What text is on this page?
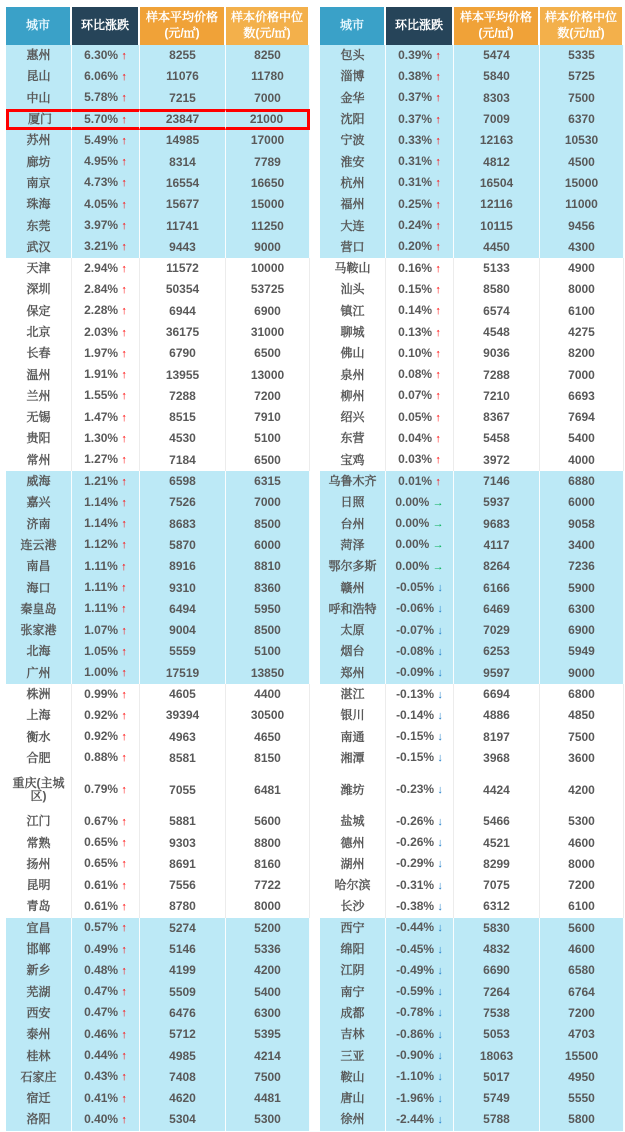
城市	环比涨跌	样本平均价格(元/㎡)	样本价格中位数(元/㎡)		城市	环比涨跌	样本平均价格(元/㎡)	样本价格中位数(元/㎡)
惠州	6.30% ↑	8255	8250		包头	0.39% ↑	5474	5335
昆山	6.06% ↑	11076	11780		淄博	0.38% ↑	5840	5725
中山	5.78% ↑	7215	7000		金华	0.37% ↑	8303	7500
厦门	5.70% ↑	23847	21000		沈阳	0.37% ↑	7009	6370
苏州	5.49% ↑	14985	17000		宁波	0.33% ↑	12163	10530
廊坊	4.95% ↑	8314	7789		淮安	0.31% ↑	4812	4500
南京	4.73% ↑	16554	16650		杭州	0.31% ↑	16504	15000
珠海	4.05% ↑	15677	15000		福州	0.25% ↑	12116	11000
东莞	3.97% ↑	11741	11250		大连	0.24% ↑	10115	9456
武汉	3.21% ↑	9443	9000		营口	0.20% ↑	4450	4300
天津	2.94% ↑	11572	10000		马鞍山	0.16% ↑	5133	4900
深圳	2.84% ↑	50354	53725		汕头	0.15% ↑	8580	8000
保定	2.28% ↑	6944	6900		镇江	0.14% ↑	6574	6100
北京	2.03% ↑	36175	31000		聊城	0.13% ↑	4548	4275
长春	1.97% ↑	6790	6500		佛山	0.10% ↑	9036	8200
温州	1.91% ↑	13955	13000		泉州	0.08% ↑	7288	7000
兰州	1.55% ↑	7288	7200		柳州	0.07% ↑	7210	6693
无锡	1.47% ↑	8515	7910		绍兴	0.05% ↑	8367	7694
贵阳	1.30% ↑	4530	5100		东营	0.04% ↑	5458	5400
常州	1.27% ↑	7184	6500		宝鸡	0.03% ↑	3972	4000
威海	1.21% ↑	6598	6315		乌鲁木齐	0.01% ↑	7146	6880
嘉兴	1.14% ↑	7526	7000		日照	0.00% →	5937	6000
济南	1.14% ↑	8683	8500		台州	0.00% →	9683	9058
连云港	1.12% ↑	5870	6000		菏泽	0.00% →	4117	3400
南昌	1.11% ↑	8916	8810		鄂尔多斯	0.00% →	8264	7236
海口	1.11% ↑	9310	8360		赣州	-0.05% ↓	6166	5900
秦皇岛	1.11% ↑	6494	5950		呼和浩特	-0.06% ↓	6469	6300
张家港	1.07% ↑	9004	8500		太原	-0.07% ↓	7029	6900
北海	1.05% ↑	5559	5100		烟台	-0.08% ↓	6253	5949
广州	1.00% ↑	17519	13850		郑州	-0.09% ↓	9597	9000
株洲	0.99% ↑	4605	4400		湛江	-0.13% ↓	6694	6800
上海	0.92% ↑	39394	30500		银川	-0.14% ↓	4886	4850
衡水	0.92% ↑	4963	4650		南通	-0.15% ↓	8197	7500
合肥	0.88% ↑	8581	8150		湘潭	-0.15% ↓	3968	3600
重庆(主城区)	0.79% ↑	7055	6481		潍坊	-0.23% ↓	4424	4200
江门	0.67% ↑	5881	5600		盐城	-0.26% ↓	5466	5300
常熟	0.65% ↑	9303	8800		德州	-0.26% ↓	4521	4600
扬州	0.65% ↑	8691	8160		湖州	-0.29% ↓	8299	8000
昆明	0.61% ↑	7556	7722		哈尔滨	-0.31% ↓	7075	7200
青岛	0.61% ↑	8780	8000		长沙	-0.38% ↓	6312	6100
宜昌	0.57% ↑	5274	5200		西宁	-0.44% ↓	5830	5600
邯郸	0.49% ↑	5146	5336		绵阳	-0.45% ↓	4832	4600
新乡	0.48% ↑	4199	4200		江阴	-0.49% ↓	6690	6580
芜湖	0.47% ↑	5509	5400		南宁	-0.59% ↓	7264	6764
西安	0.47% ↑	6476	6300		成都	-0.78% ↓	7538	7200
泰州	0.46% ↑	5712	5395		吉林	-0.86% ↓	5053	4703
桂林	0.44% ↑	4985	4214		三亚	-0.90% ↓	18063	15500
石家庄	0.43% ↑	7408	7500		鞍山	-1.10% ↓	5017	4950
宿迁	0.41% ↑	4620	4481		唐山	-1.96% ↓	5749	5550
洛阳	0.40% ↑	5304	5300		徐州	-2.44% ↓	5788	5800
